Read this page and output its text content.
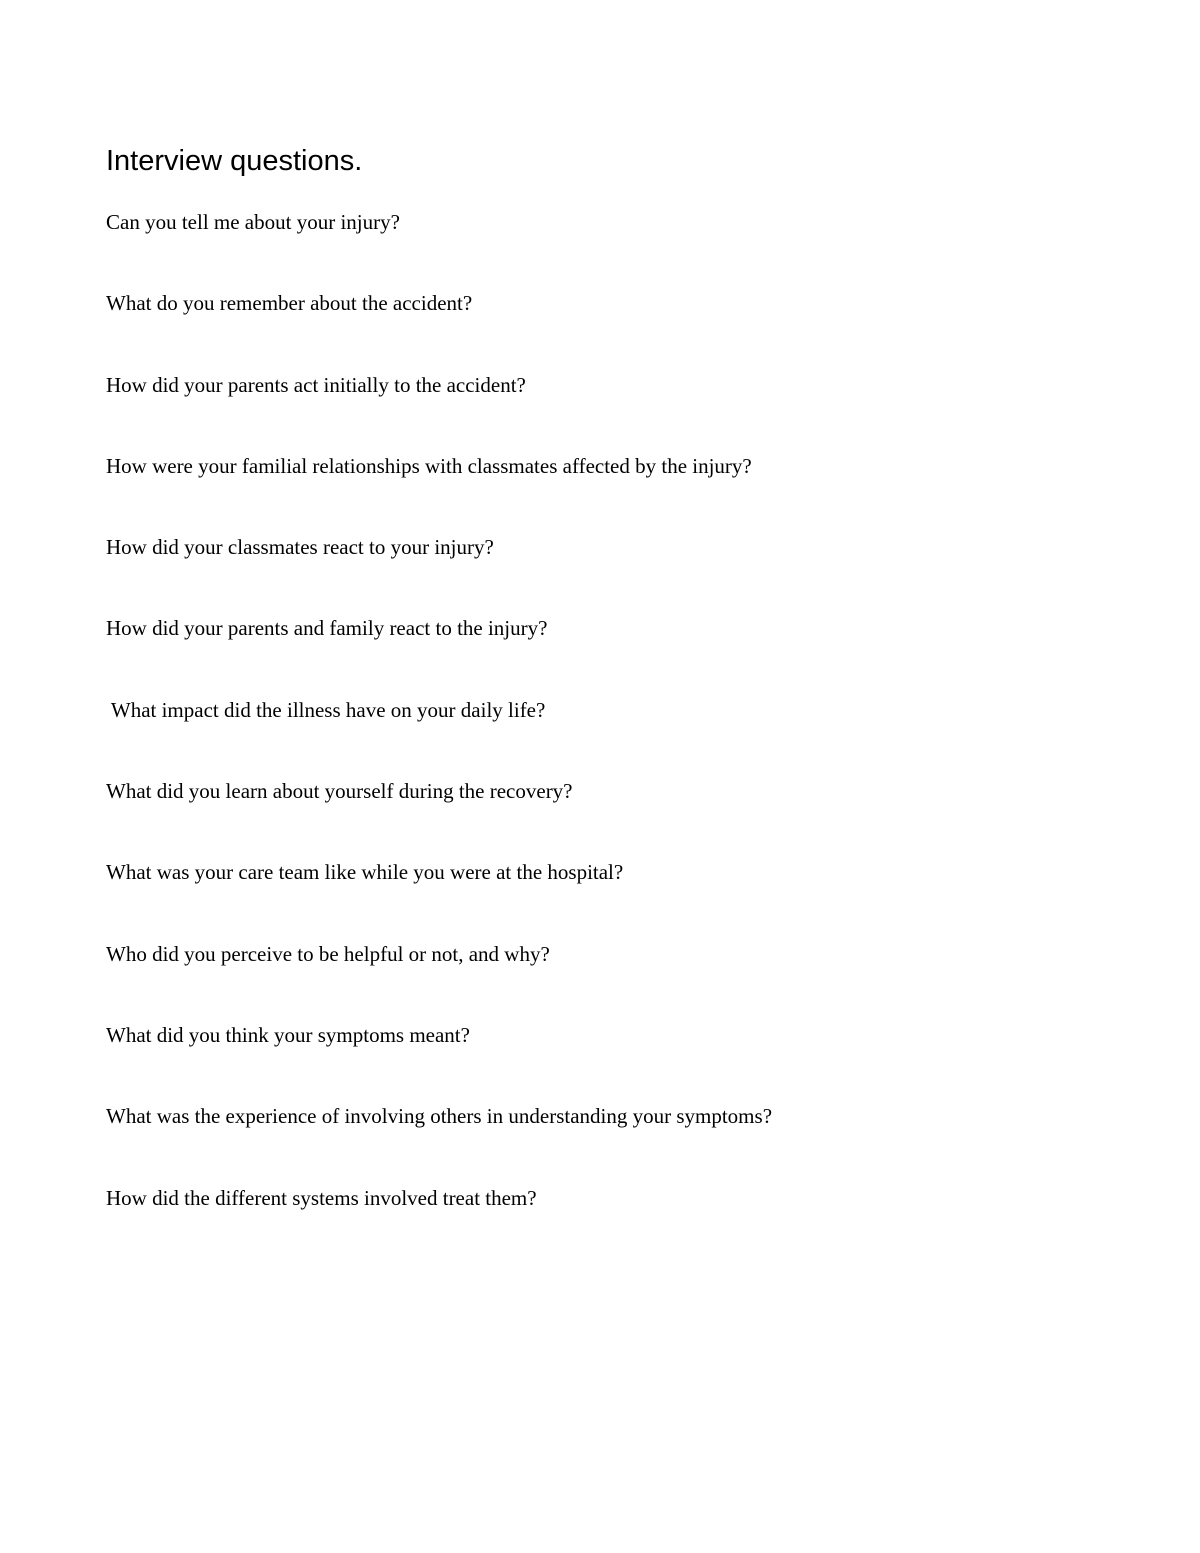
Interview questions.
Can you tell me about your injury?
What do you remember about the accident?
How did your parents act initially to the accident?
How were your familial relationships with classmates affected by the injury?
How did your classmates react to your injury?
How did your parents and family react to the injury?
What impact did the illness have on your daily life?
What did you learn about yourself during the recovery?
What was your care team like while you were at the hospital?
Who did you perceive to be helpful or not, and why?
What did you think your symptoms meant?
What was the experience of involving others in understanding your symptoms?
How did the different systems involved treat them?
